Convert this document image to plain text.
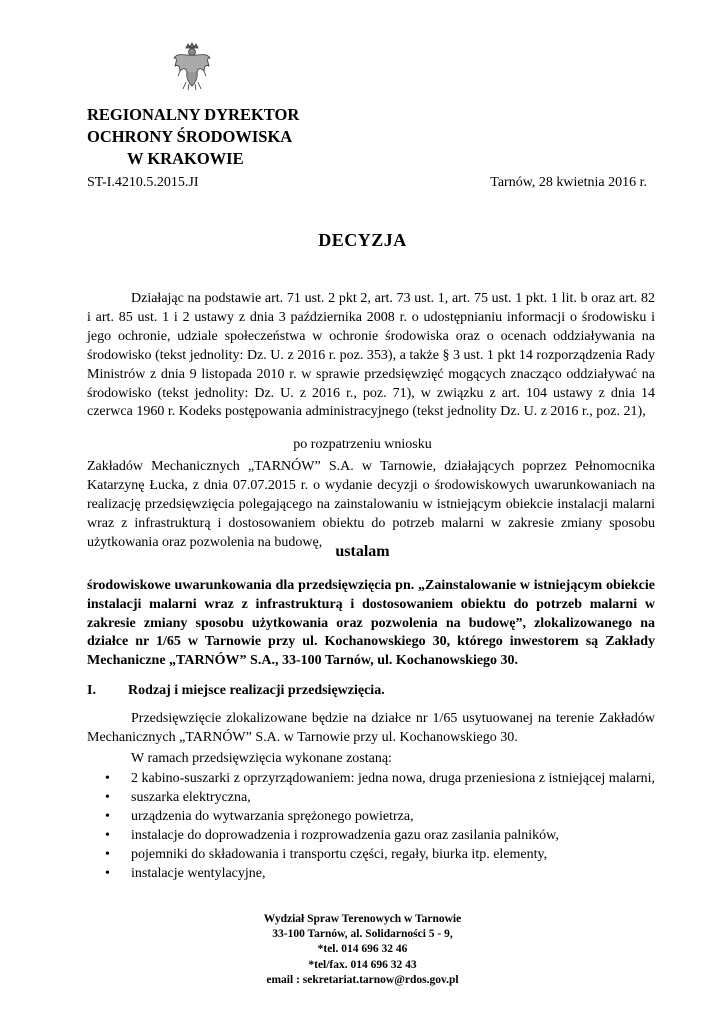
REGIONALNY DYREKTOR
OCHRONY ŚRODOWISKA
W KRAKOWIE
ST-I.4210.5.2015.JI	Tarnów, 28 kwietnia 2016 r.
DECYZJA
Działając na podstawie art. 71 ust. 2 pkt 2, art. 73 ust. 1, art. 75 ust. 1 pkt. 1 lit. b oraz art. 82 i art. 85 ust. 1 i 2 ustawy z dnia 3 października 2008 r. o udostępnianiu informacji o środowisku i jego ochronie, udziale społeczeństwa w ochronie środowiska oraz o ocenach oddziaływania na środowisko (tekst jednolity: Dz. U. z 2016 r. poz. 353), a także § 3 ust. 1 pkt 14 rozporządzenia Rady Ministrów z dnia 9 listopada 2010 r. w sprawie przedsięwzięć mogących znacząco oddziaływać na środowisko (tekst jednolity: Dz. U. z 2016 r., poz. 71), w związku z art. 104 ustawy z dnia 14 czerwca 1960 r. Kodeks postępowania administracyjnego (tekst jednolity Dz. U. z 2016 r., poz. 21),
po rozpatrzeniu wniosku
Zakładów Mechanicznych „TARNÓW” S.A. w Tarnowie, działających poprzez Pełnomocnika Katarzynę Łucka, z dnia 07.07.2015 r. o wydanie decyzji o środowiskowych uwarunkowaniach na realizację przedsięwzięcia polegającego na zainstalowaniu w istniejącym obiekcie instalacji malarni wraz z infrastrukturą i dostosowaniem obiektu do potrzeb malarni w zakresie zmiany sposobu użytkowania oraz pozwolenia na budowę,
ustalam
środowiskowe uwarunkowania dla przedsięwzięcia pn. „Zainstalowanie w istniejącym obiekcie instalacji malarni wraz z infrastrukturą i dostosowaniem obiektu do potrzeb malarni w zakresie zmiany sposobu użytkowania oraz pozwolenia na budowę”, zlokalizowanego na działce nr 1/65 w Tarnowie przy ul. Kochanowskiego 30, którego inwestorem są Zakłady Mechaniczne „TARNÓW” S.A., 33-100 Tarnów, ul. Kochanowskiego 30.
I. Rodzaj i miejsce realizacji przedsięwzięcia.
Przedsięwzięcie zlokalizowane będzie na działce nr 1/65 usytuowanej na terenie Zakładów Mechanicznych „TARNÓW” S.A. w Tarnowie przy ul. Kochanowskiego 30.
W ramach przedsięwzięcia wykonane zostaną:
• 2 kabino-suszarki z oprzyrządowaniem: jedna nowa, druga przeniesiona z istniejącej malarni,
• suszarka elektryczna,
• urządzenia do wytwarzania sprężonego powietrza,
• instalacje do doprowadzenia i rozprowadzenia gazu oraz zasilania palników,
• pojemniki do składowania i transportu części, regały, biurka itp. elementy,
• instalacje wentylacyjne,
Wydział Spraw Terenowych w Tarnowie
33-100 Tarnów, al. Solidarności 5 - 9,
*tel. 014 696 32 46
*tel/fax. 014 696 32 43
email : sekretariat.tarnow@rdos.gov.pl
